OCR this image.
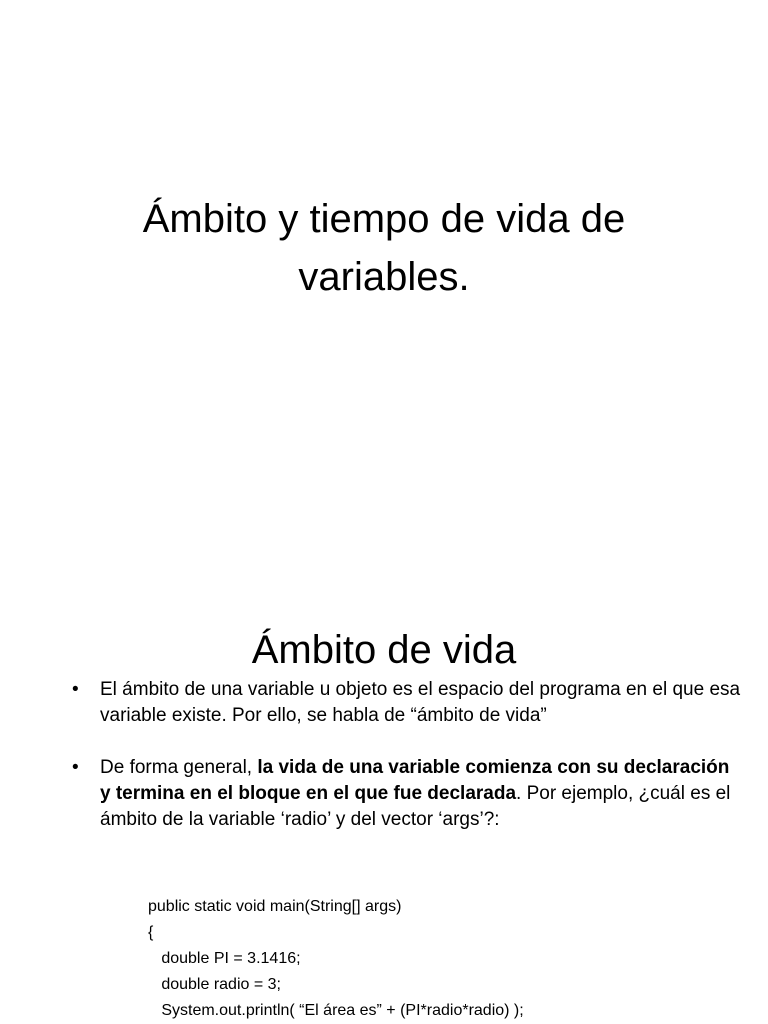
Ámbito y tiempo de vida de
variables.
Ámbito de vida
• El ámbito de una variable u objeto es el espacio del programa en el que esa variable existe. Por ello, se habla de “ámbito de vida”
• De forma general, la vida de una variable comienza con su declaración y termina en el bloque en el que fue declarada. Por ejemplo, ¿cuál es el ámbito de la variable ‘radio’ y del vector ‘args’?:
public static void main(String[] args)
{
double PI = 3.1416;
double radio = 3;
System.out.println( “El área es” + (PI*radio*radio) );
